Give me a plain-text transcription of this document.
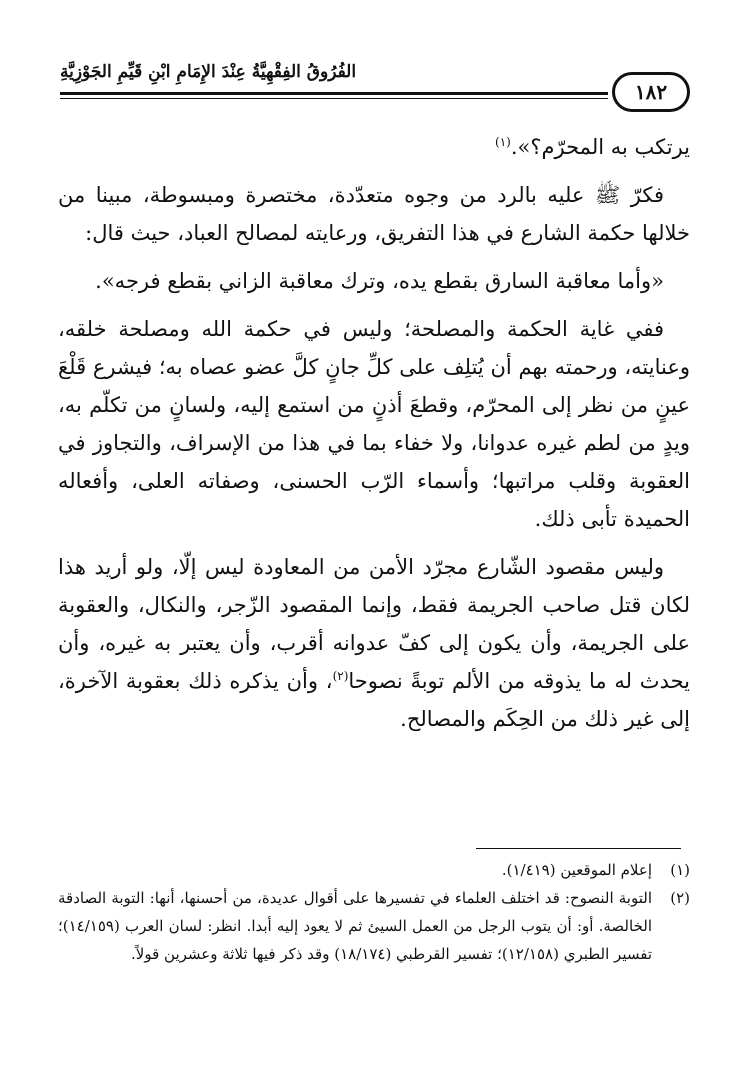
١٨٢
الفُرُوقُ الفِقْهِيَّةُ عِنْدَ الإِمَامِ ابْنِ قَيِّمِ الجَوْزِيَّةِ

يرتكب به المحرّم؟».$^{(١)}$

فكرّ ﷺ عليه بالرد من وجوه متعدّدة، مختصرة ومبسوطة، مبينا من خلالها حكمة الشارع في هذا التفريق، ورعايته لمصالح العباد، حيث قال:

«وأما معاقبة السارق بقطع يده، وترك معاقبة الزاني بقطع فرجه».

ففي غاية الحكمة والمصلحة؛ وليس في حكمة الله ومصلحة خلقه، وعنايته، ورحمته بهم أن يُتلِف على كلِّ جانٍ كلَّ عضو عصاه به؛ فيشرع قَلْعَ عينٍ من نظر إلى المحرّم، وقطعَ أذنٍ من استمع إليه، ولسانٍ من تكلّم به، ويدٍ من لطم غيره عدوانا، ولا خفاء بما في هذا من الإسراف، والتجاوز في العقوبة وقلب مراتبها؛ وأسماء الرّب الحسنى، وصفاته العلى، وأفعاله الحميدة تأبى ذلك.

وليس مقصود الشّارع مجرّد الأمن من المعاودة ليس إلّا، ولو أريد هذا لكان قتل صاحب الجريمة فقط، وإنما المقصود الزّجر، والنكال، والعقوبة على الجريمة، وأن يكون إلى كفّ عدوانه أقرب، وأن يعتبر به غيره، وأن يحدث له ما يذوقه من الألم توبةً نصوحا$^{(٢)}$، وأن يذكره ذلك بعقوبة الآخرة، إلى غير ذلك من الحِكَم والمصالح.

(١)
إعلام الموقعين (١/٤١٩).
(٢)
التوبة النصوح: قد اختلف العلماء في تفسيرها على أقوال عديدة، من أحسنها، أنها: التوبة الصادقة الخالصة. أو: أن يتوب الرجل من العمل السيئ ثم لا يعود إليه أبدا. انظر: لسان العرب (١٤/١٥٩)؛ تفسير الطبري (١٢/١٥٨)؛ تفسير القرطبي (١٨/١٧٤) وقد ذكر فيها ثلاثة وعشرين قولاً.
